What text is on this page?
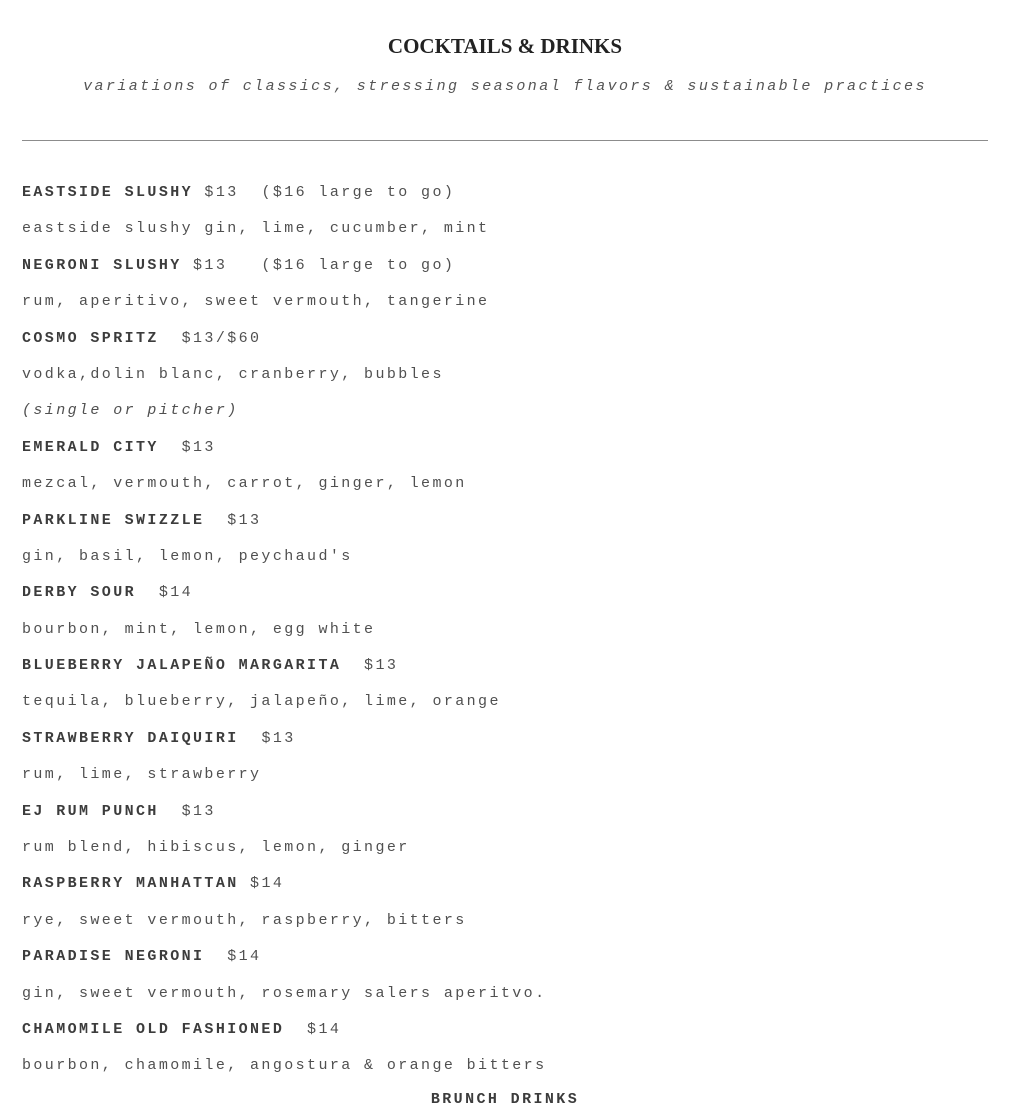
COCKTAILS & DRINKS

variations of classics, stressing seasonal flavors & sustainable practices

EASTSIDE SLUSHY $13  ($16 large to go)
eastside slushy gin, lime, cucumber, mint
NEGRONI SLUSHY $13   ($16 large to go)
rum, aperitivo, sweet vermouth, tangerine
COSMO SPRITZ  $13/$60
vodka,dolin blanc, cranberry, bubbles
(single or pitcher)
EMERALD CITY  $13
mezcal, vermouth, carrot, ginger, lemon
PARKLINE SWIZZLE  $13
gin, basil, lemon, peychaud's
DERBY SOUR  $14
bourbon, mint, lemon, egg white
BLUEBERRY JALAPEÑO MARGARITA  $13
tequila, blueberry, jalapeño, lime, orange
STRAWBERRY DAIQUIRI  $13
rum, lime, strawberry
EJ RUM PUNCH  $13
rum blend, hibiscus, lemon, ginger
RASPBERRY MANHATTAN $14
rye, sweet vermouth, raspberry, bitters
PARADISE NEGRONI  $14
gin, sweet vermouth, rosemary salers aperitvo.
CHAMOMILE OLD FASHIONED  $14
bourbon, chamomile, angostura & orange bitters
BRUNCH DRINKS
